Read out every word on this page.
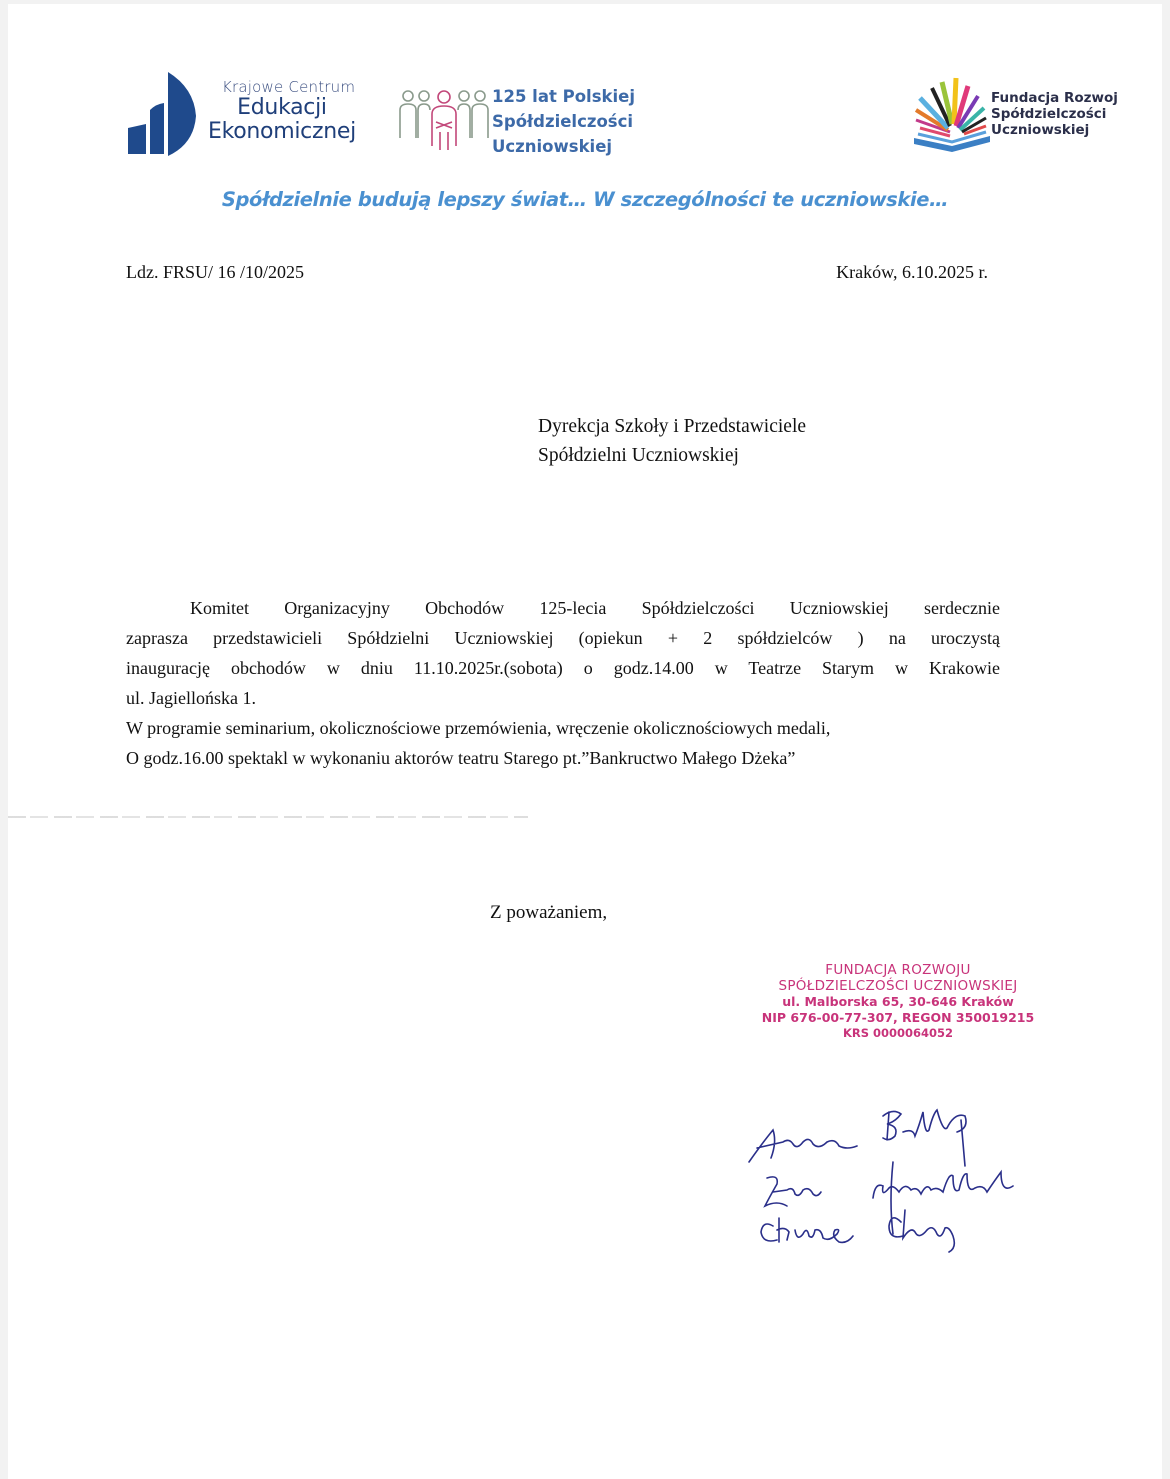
Krajowe Centrum
Edukacji
Ekonomicznej
125 lat Polskiej
Spółdzielczości
Uczniowskiej
Fundacja Rozwoj
Spółdzielczości
Uczniowskiej
Spółdzielnie budują lepszy świat… W szczególności te uczniowskie…
Ldz. FRSU/ 16 /10/2025	Kraków, 6.10.2025 r.
Dyrekcja Szkoły i Przedstawiciele
Spółdzielni Uczniowskiej

Komitet Organizacyjny Obchodów 125-lecia Spółdzielczości Uczniowskiej serdecznie

zaprasza przedstawicieli Spółdzielni Uczniowskiej (opiekun + 2 spółdzielców ) na uroczystą

inaugurację obchodów w dniu 11.10.2025r.(sobota) o godz.14.00 w Teatrze Starym w Krakowie

ul. Jagiellońska 1.

W programie seminarium, okolicznościowe przemówienia, wręczenie okolicznościowych medali,

O godz.16.00 spektakl w wykonaniu aktorów teatru Starego pt.”Bankructwo Małego Dżeka”

Z poważaniem,
FUNDACJA ROZWOJU
SPÓŁDZIELCZOŚCI UCZNIOWSKIEJ
ul. Malborska 65, 30-646 Kraków
NIP 676-00-77-307, REGON 350019215
KRS 0000064052
